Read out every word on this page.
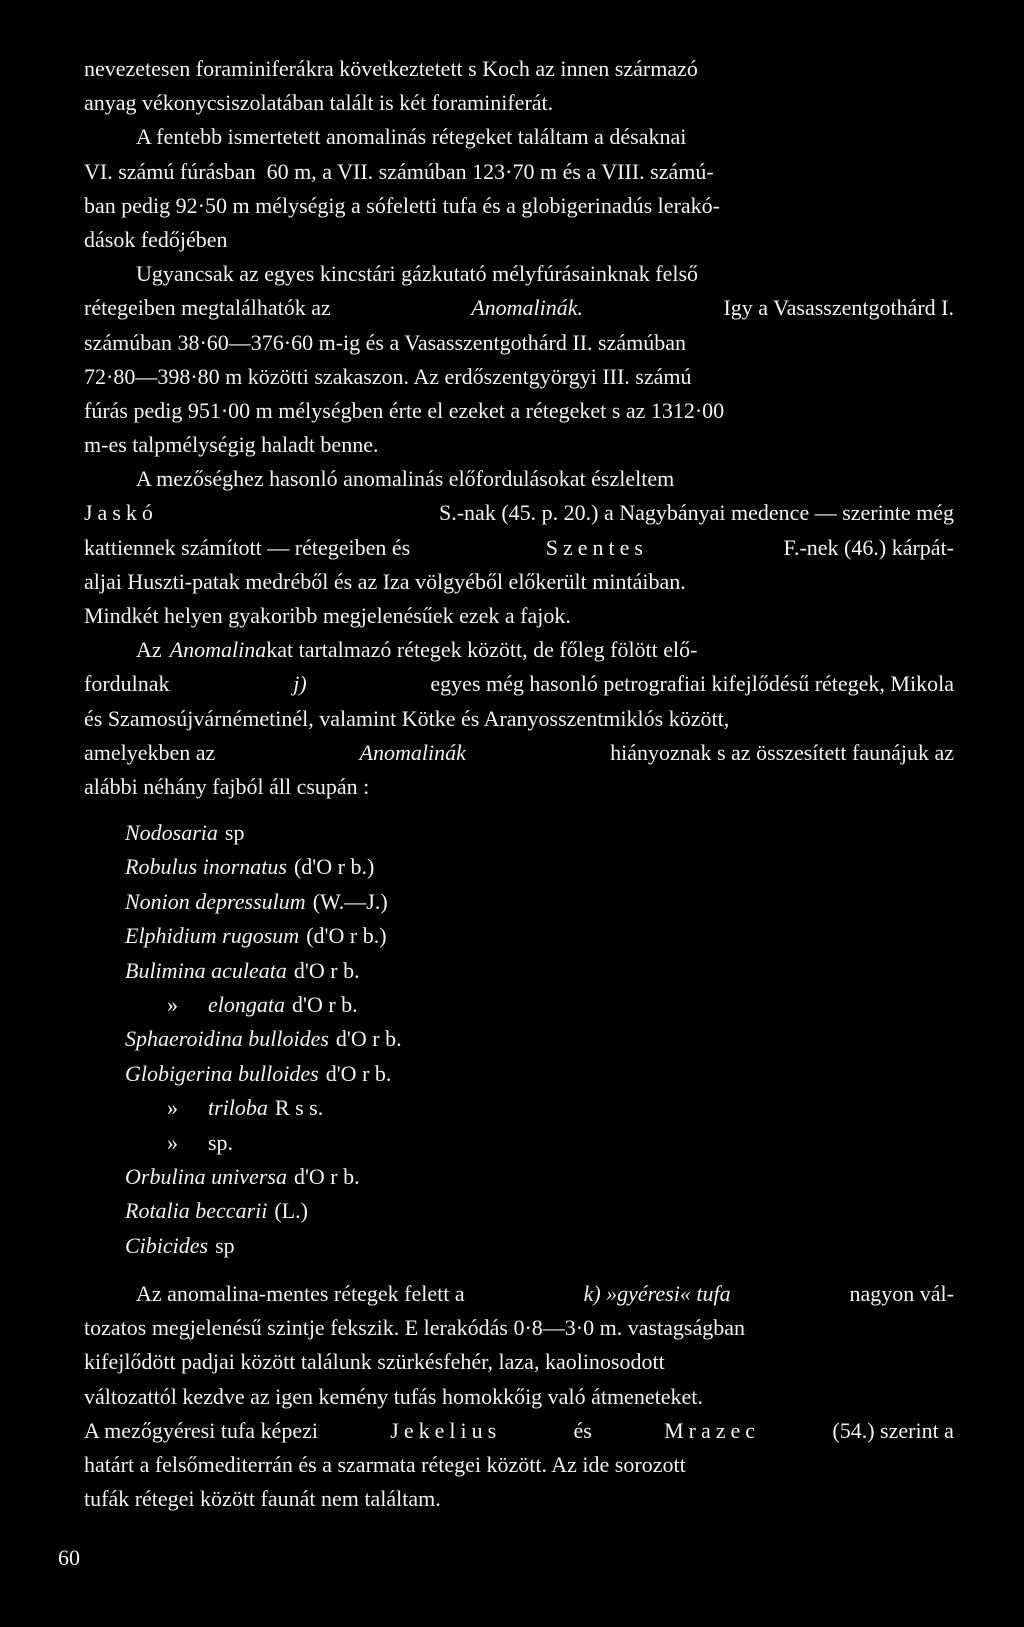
nevezetesen foraminiferákra következtetett s Koch az innen származó
anyag vékonycsiszolatában talált is két foraminiferát.
A fentebb ismertetett anomalinás rétegeket találtam a désaknai
VI. számú fúrásban  60 m, a VII. számúban 123·70 m és a VIII. számú-
ban pedig 92·50 m mélységig a sófeletti tufa és a globigerinadús lerakó-
dások fedőjében
Ugyancsak az egyes kincstári gázkutató mélyfúrásainknak felső
rétegeiben megtalálhatók az	Anomalinák.	Igy a Vasasszentgothárd I.
számúban 38·60—376·60 m-ig és a Vasasszentgothárd II. számúban
72·80—398·80 m közötti szakaszon. Az erdőszentgyörgyi III. számú
fúrás pedig 951·00 m mélységben érte el ezeket a rétegeket s az 1312·00
m-es talpmélységig haladt benne.
A mezőséghez hasonló anomalinás előfordulásokat észleltem
Jaskó	S.-nak (45. p. 20.) a Nagybányai medence — szerinte még
kattiennek számított — rétegeiben és	Szentes	F.-nek (46.) kárpát-
aljai Huszti-patak medréből és az Iza völgyéből előkerült mintáiban.
Mindkét helyen gyakoribb megjelenésűek ezek a fajok.
Az Anomalinakat tartalmazó rétegek között, de főleg fölött elő-
fordulnak	j)	egyes még hasonló petrografiai kifejlődésű rétegek, Mikola
és Szamosújvárnémetinél, valamint Kötke és Aranyosszentmiklós között,
amelyekben az	Anomalinák	hiányoznak s az összesített faunájuk az
alábbi néhány fajból áll csupán :
Nodosaria sp
Robulus inornatus (d'O r b.)
Nonion depressulum (W.—J.)
Elphidium rugosum (d'O r b.)
Bulimina aculeata d'O r b.
» elongata d'O r b.
Sphaeroidina bulloides d'O r b.
Globigerina bulloides d'O r b.
» triloba R s s.
» sp.
Orbulina universa d'O r b.
Rotalia beccarii (L.)
Cibicides sp
Az anomalina-mentes rétegek felett a	k) »gyéresi« tufa	nagyon vál-
tozatos megjelenésű szintje fekszik. E lerakódás 0·8—3·0 m. vastagságban
kifejlődött padjai között találunk szürkésfehér, laza, kaolinosodott
változattól kezdve az igen kemény tufás homokkőig való átmeneteket.
A mezőgyéresi tufa képezi	Jekelius	és	Mrazec	(54.) szerint a
határt a felsőmediterrán és a szarmata rétegei között. Az ide sorozott
tufák rétegei között faunát nem találtam.
60
